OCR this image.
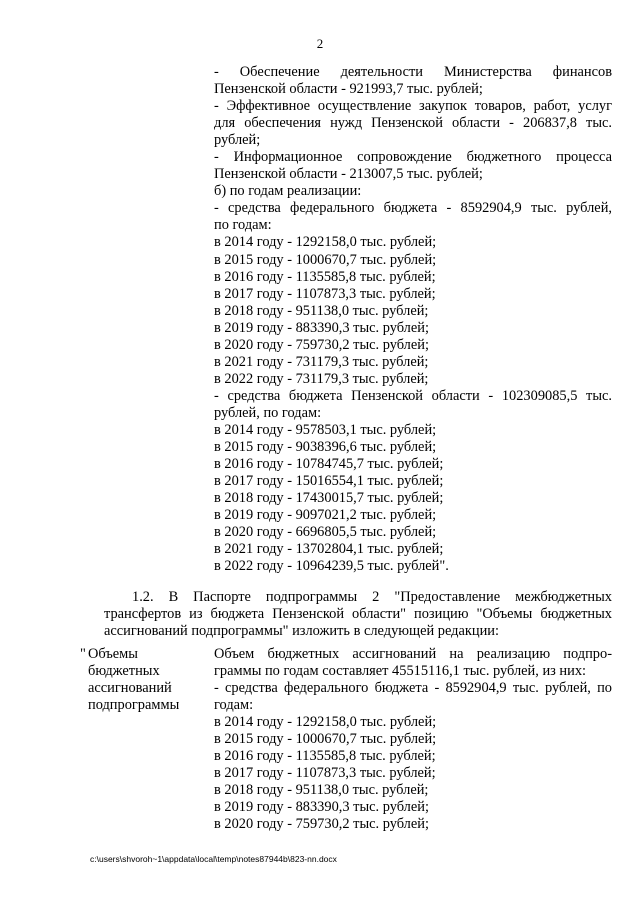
2
- Обеспечение деятельности Министерства финансов
Пензенской области - 921993,7 тыс. рублей;
- Эффективное осуществление закупок товаров, работ, услуг
для обеспечения нужд Пензенской области - 206837,8 тыс.
рублей;
- Информационное сопровождение бюджетного процесса
Пензенской области - 213007,5 тыс. рублей;
б) по годам реализации:
- средства федерального бюджета - 8592904,9 тыс. рублей,
по годам:
в 2014 году - 1292158,0 тыс. рублей;
в 2015 году - 1000670,7 тыс. рублей;
в 2016 году - 1135585,8 тыс. рублей;
в 2017 году - 1107873,3 тыс. рублей;
в 2018 году - 951138,0 тыс. рублей;
в 2019 году - 883390,3 тыс. рублей;
в 2020 году - 759730,2 тыс. рублей;
в 2021 году - 731179,3 тыс. рублей;
в 2022 году - 731179,3 тыс. рублей;
- средства бюджета Пензенской области - 102309085,5 тыс.
рублей, по годам:
в 2014 году - 9578503,1 тыс. рублей;
в 2015 году - 9038396,6 тыс. рублей;
в 2016 году - 10784745,7 тыс. рублей;
в 2017 году - 15016554,1 тыс. рублей;
в 2018 году - 17430015,7 тыс. рублей;
в 2019 году - 9097021,2 тыс. рублей;
в 2020 году - 6696805,5 тыс. рублей;
в 2021 году - 13702804,1 тыс. рублей;
в 2022 году - 10964239,5 тыс. рублей".
1.2. В Паспорте подпрограммы 2 "Предоставление межбюджетных
трансфертов из бюджета Пензенской области" позицию "Объемы бюджетных
ассигнований подпрограммы" изложить в следующей редакции:
" Объемы
бюджетных
ассигнований
подпрограммы
Объем бюджетных ассигнований на реализацию подпро-
граммы по годам составляет 45515116,1 тыс. рублей, из них:
- средства федерального бюджета - 8592904,9 тыс. рублей, по
годам:
в 2014 году - 1292158,0 тыс. рублей;
в 2015 году - 1000670,7 тыс. рублей;
в 2016 году - 1135585,8 тыс. рублей;
в 2017 году - 1107873,3 тыс. рублей;
в 2018 году - 951138,0 тыс. рублей;
в 2019 году - 883390,3 тыс. рублей;
в 2020 году - 759730,2 тыс. рублей;
c:\users\shvoroh~1\appdata\local\temp\notes87944b\823-nn.docx
